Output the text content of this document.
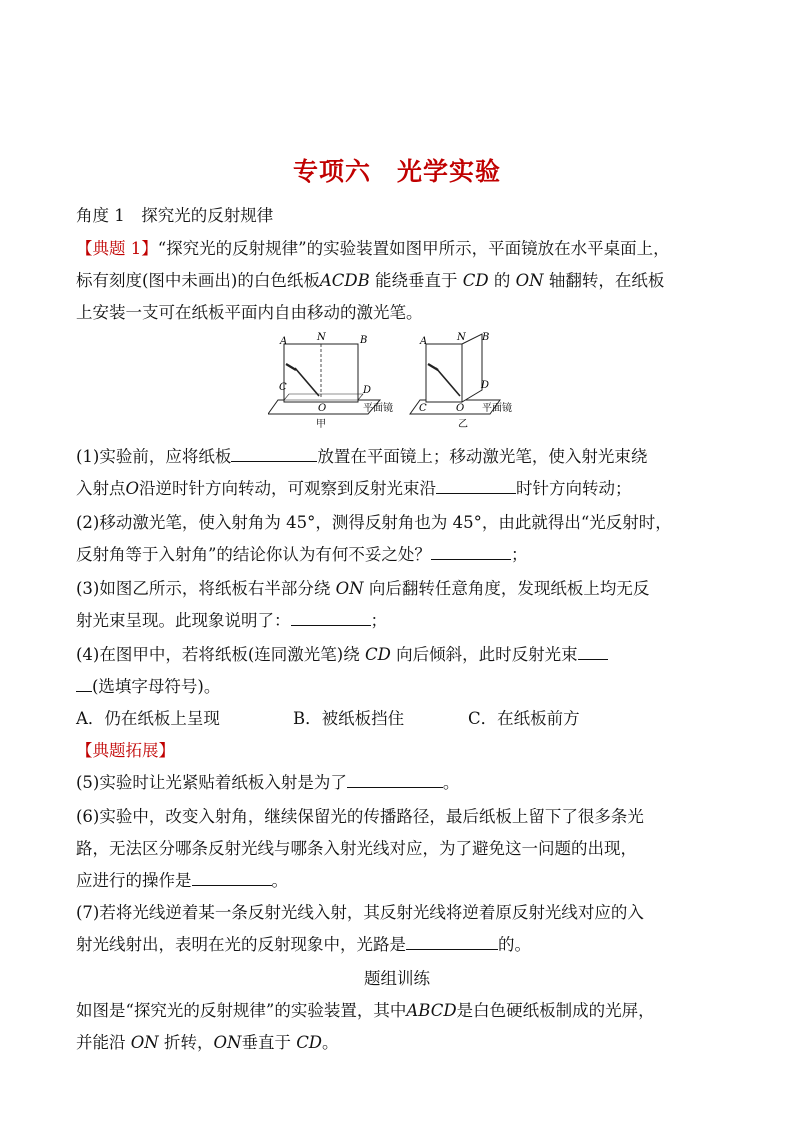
专项六　光学实验
角度 1　探究光的反射规律
【典题 1】“探究光的反射规律”的实验装置如图甲所示，平面镜放在水平桌面上，
标有刻度(图中未画出)的白色纸板ACDB 能绕垂直于 CD 的 ON 轴翻转，在纸板
上安装一支可在纸板平面内自由移动的激光笔。
A	N	B
C	D
O	平面镜
甲
A	N B
C
D
O 平面镜
乙
(1)实验前，应将纸板	放置在平面镜上；移动激光笔，使入射光束绕
入射点O沿逆时针方向转动，可观察到反射光束沿	时针方向转动；
(2)移动激光笔，使入射角为 45°，测得反射角也为 45°，由此就得出“光反射时，
反射角等于入射角”的结论你认为有何不妥之处？	；
(3)如图乙所示，将纸板右半部分绕 ON 向后翻转任意角度，发现纸板上均无反
射光束呈现。此现象说明了：	；
(4)在图甲中，若将纸板(连同激光笔)绕 CD 向后倾斜，此时反射光束
(选填字母符号)。
A．仍在纸板上呈现	B．被纸板挡住	C．在纸板前方
【典题拓展】
(5)实验时让光紧贴着纸板入射是为了	。
(6)实验中，改变入射角，继续保留光的传播路径，最后纸板上留下了很多条光
路，无法区分哪条反射光线与哪条入射光线对应，为了避免这一问题的出现，
应进行的操作是	。
(7)若将光线逆着某一条反射光线入射，其反射光线将逆着原反射光线对应的入
射光线射出，表明在光的反射现象中，光路是	的。
题组训练
如图是“探究光的反射规律”的实验装置，其中ABCD是白色硬纸板制成的光屏，
并能沿 ON 折转，ON垂直于 CD。
